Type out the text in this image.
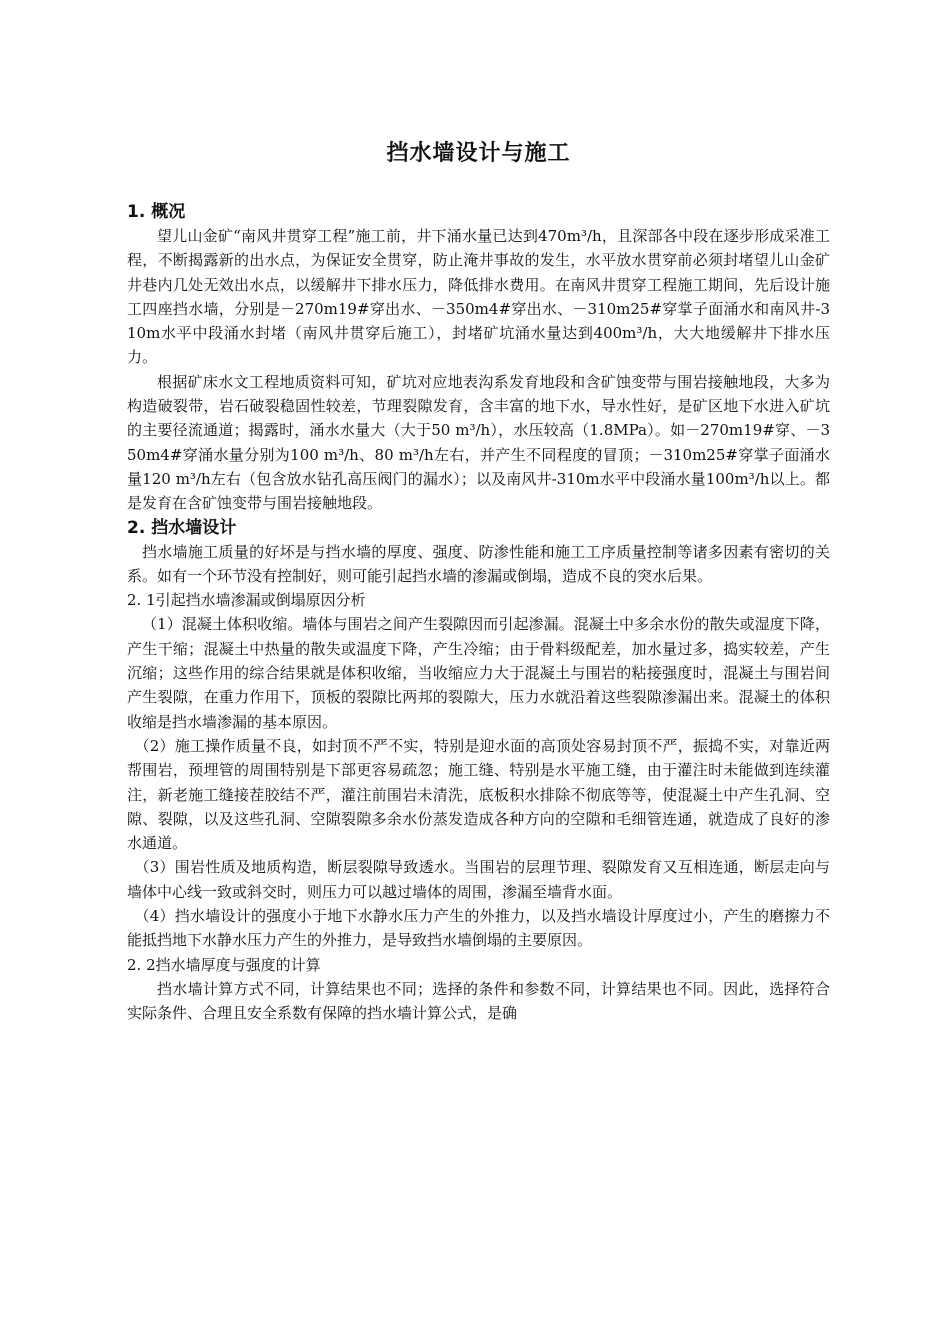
挡水墙设计与施工
1. 概况

望儿山金矿“南风井贯穿工程”施工前，井下涌水量已达到470m³/h，且深部各中段在逐步形成采准工程，不断揭露新的出水点，为保证安全贯穿，防止淹井事故的发生，水平放水贯穿前必须封堵望儿山金矿井巷内几处无效出水点，以缓解井下排水压力，降低排水费用。在南风井贯穿工程施工期间，先后设计施工四座挡水墙，分别是－270m19#穿出水、－350m4#穿出水、－310m25#穿掌子面涌水和南风井-310m水平中段涌水封堵（南风井贯穿后施工），封堵矿坑涌水量达到400m³/h，大大地缓解井下排水压力。

根据矿床水文工程地质资料可知，矿坑对应地表沟系发育地段和含矿蚀变带与围岩接触地段，大多为构造破裂带，岩石破裂稳固性较差，节理裂隙发育，含丰富的地下水，导水性好，是矿区地下水进入矿坑的主要径流通道；揭露时，涌水水量大（大于50 m³/h），水压较高（1.8MPa）。如－270m19#穿、－350m4#穿涌水量分别为100 m³/h、80 m³/h左右，并产生不同程度的冒顶；－310m25#穿掌子面涌水量120 m³/h左右（包含放水钻孔高压阀门的漏水）；以及南风井-310m水平中段涌水量100m³/h以上。都是发育在含矿蚀变带与围岩接触地段。

2. 挡水墙设计

挡水墙施工质量的好坏是与挡水墙的厚度、强度、防渗性能和施工工序质量控制等诸多因素有密切的关系。如有一个环节没有控制好，则可能引起挡水墙的渗漏或倒塌，造成不良的突水后果。

2. 1引起挡水墙渗漏或倒塌原因分析

（1）混凝土体积收缩。墙体与围岩之间产生裂隙因而引起渗漏。混凝土中多余水份的散失或湿度下降，产生干缩；混凝土中热量的散失或温度下降，产生冷缩；由于骨料级配差，加水量过多，捣实较差，产生沉缩；这些作用的综合结果就是体积收缩，当收缩应力大于混凝土与围岩的粘接强度时，混凝土与围岩间产生裂隙，在重力作用下，顶板的裂隙比两邦的裂隙大，压力水就沿着这些裂隙渗漏出来。混凝土的体积收缩是挡水墙渗漏的基本原因。

（2）施工操作质量不良，如封顶不严不实，特别是迎水面的高顶处容易封顶不严，振捣不实，对靠近两帮围岩，预埋管的周围特别是下部更容易疏忽；施工缝、特别是水平施工缝，由于灌注时未能做到连续灌注，新老施工缝接茬胶结不严，灌注前围岩未清洗，底板积水排除不彻底等等，使混凝土中产生孔洞、空隙、裂隙，以及这些孔洞、空隙裂隙多余水份蒸发造成各种方向的空隙和毛细管连通，就造成了良好的渗水通道。

（3）围岩性质及地质构造，断层裂隙导致透水。当围岩的层理节理、裂隙发育又互相连通，断层走向与墙体中心线一致或斜交时，则压力可以越过墙体的周围，渗漏至墙背水面。

（4）挡水墙设计的强度小于地下水静水压力产生的外推力，以及挡水墙设计厚度过小，产生的磨擦力不能抵挡地下水静水压力产生的外推力，是导致挡水墙倒塌的主要原因。

2. 2挡水墙厚度与强度的计算

挡水墙计算方式不同，计算结果也不同；选择的条件和参数不同，计算结果也不同。因此，选择符合实际条件、合理且安全系数有保障的挡水墙计算公式，是确
